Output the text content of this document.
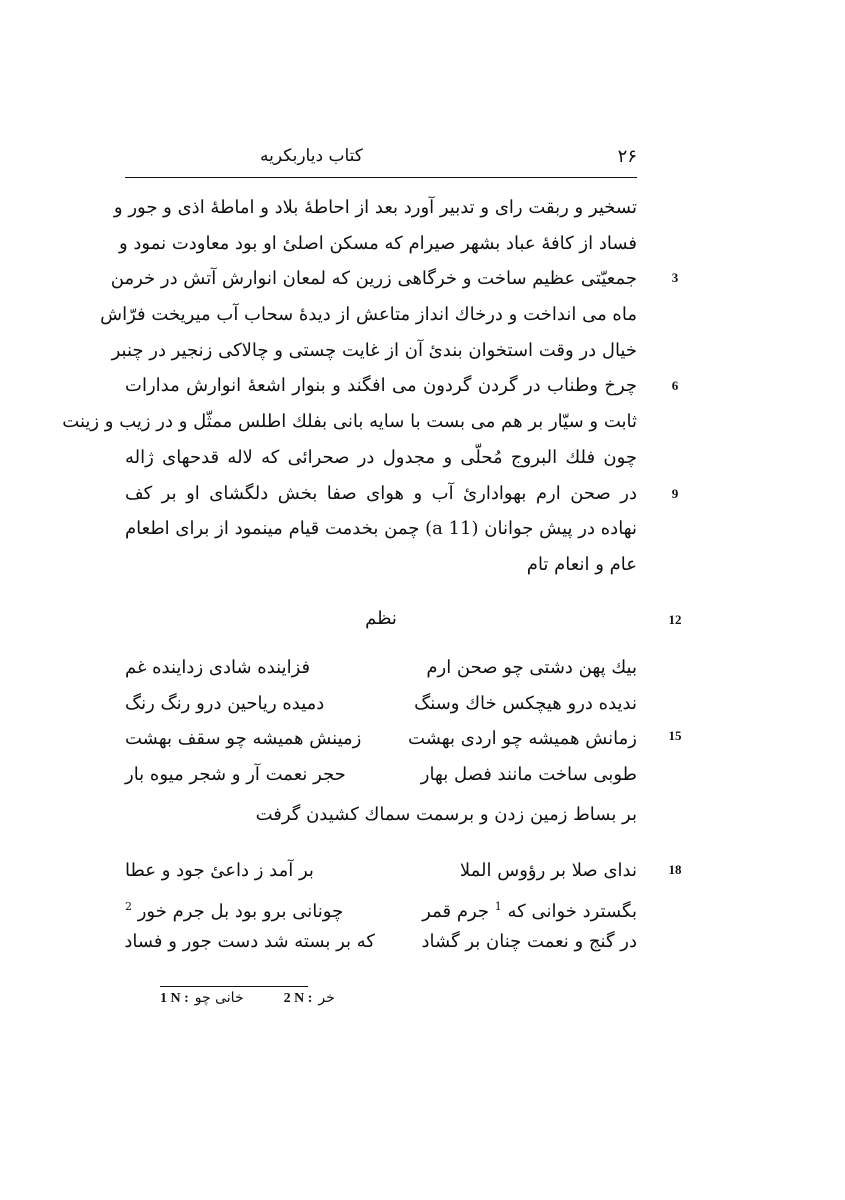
۲۶
کتاب دیاربکریه
تسخیر و ربقت رای و تدبیر آورد بعد از احاطهٔ بلاد و اماطهٔ اذی و جور و
فساد از کافهٔ عباد بشهر صیرام که مسکن اصلیٔ او بود معاودت نمود و
جمعیّتی عظیم ساخت و خرگاهی زرین که لمعان انوارش آتش در خرمن
ماه می انداخت و درخاك انداز متاعش از دیدهٔ سحاب آب میریخت فرّاش
خیال در وقت استخوان بندیٔ آن از غایت چستی و چالاکی زنجیر در چنبر
چرخ وطناب در گردن گردون می افگند و بنوار اشعهٔ انوارش مدارات
ثابت و سیّار بر هم می بست با سایه بانی بفلك اطلس ممثّل و در زیب و زینت
چون فلك البروج مُحلّی و مجدول در صحرائی که لاله قدحهای ژاله
در صحن ارم بهواداریٔ آب و هوای صفا بخش دلگشای او بر کف
نهاده در پیش جوانان (11 a) چمن بخدمت قیام مینمود از برای اطعام
عام و انعام تام
3
6
9
12
15
18
نظم
بیك پهن دشتی چو صحن ارم
فزاینده شادی زداینده غم
ندیده درو هیچکس خاك وسنگ
دمیده ریاحین درو رنگ رنگ
زمانش همیشه چو اردی بهشت
زمینش همیشه چو سقف بهشت
طوبی ساخت مانند فصل بهار
حجر نعمت آر و شجر میوه بار
بر بساط زمین زدن و برسمت سماك كشیدن گرفت
ندای صلا بر رؤوس الملا
بر آمد ز داعیٔ جود و عطا
بگسترد خوانی که $^1$ جرم قمر
چونانی برو بود بل جرم خور $^2$
در گنج و نعمت چنان بر گشاد
که بر بسته شد دست جور و فساد
1 N : خانی چو	2 N : خر
